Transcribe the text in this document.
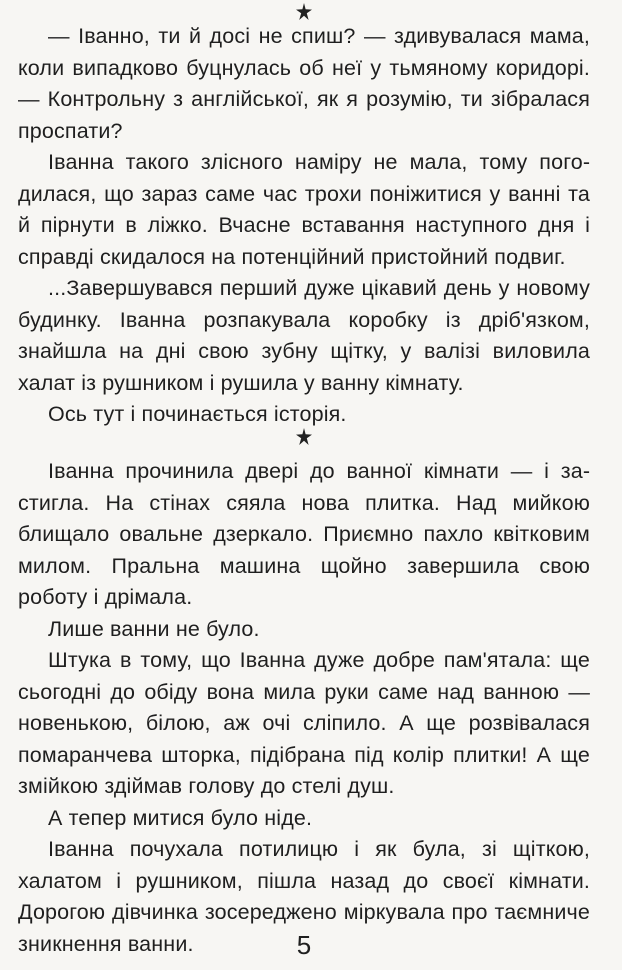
— Іванно, ти й досі не спиш? — здивувалася мама, коли випадково буцнулась об неї у тьмяному коридорі. — Контрольну з англійської, як я розумію, ти зібралася проспати?

Іванна такого злісного наміру не мала, тому погодилася, що зараз саме час трохи поніжитися у ванні та й пірнути в ліжко. Вчасне вставання наступного дня і справді скидалося на потенційний пристойний подвиг.

...Завершувався перший дуже цікавий день у новому будинку. Іванна розпакувала коробку із дріб'язком, знайшла на дні свою зубну щітку, у валізі виловила халат із рушником і рушила у ванну кімнату.

Ось тут і починається історія.

Іванна прочинила двері до ванної кімнати — і застигла. На стінах сяяла нова плитка. Над мийкою блищало овальне дзеркало. Приємно пахло квітковим милом. Пральна машина щойно завершила свою роботу і дрімала.

Лише ванни не було.

Штука в тому, що Іванна дуже добре пам'ятала: ще сьогодні до обіду вона мила руки саме над ванною — новенькою, білою, аж очі сліпило. А ще розвівалася помаранчева шторка, підібрана під колір плитки! А ще змійкою здіймав голову до стелі душ.

А тепер митися було ніде.

Іванна почухала потилицю і як була, зі щіткою, халатом і рушником, пішла назад до своєї кімнати. Дорогою дівчинка зосереджено міркувала про таємниче зникнення ванни.	5
